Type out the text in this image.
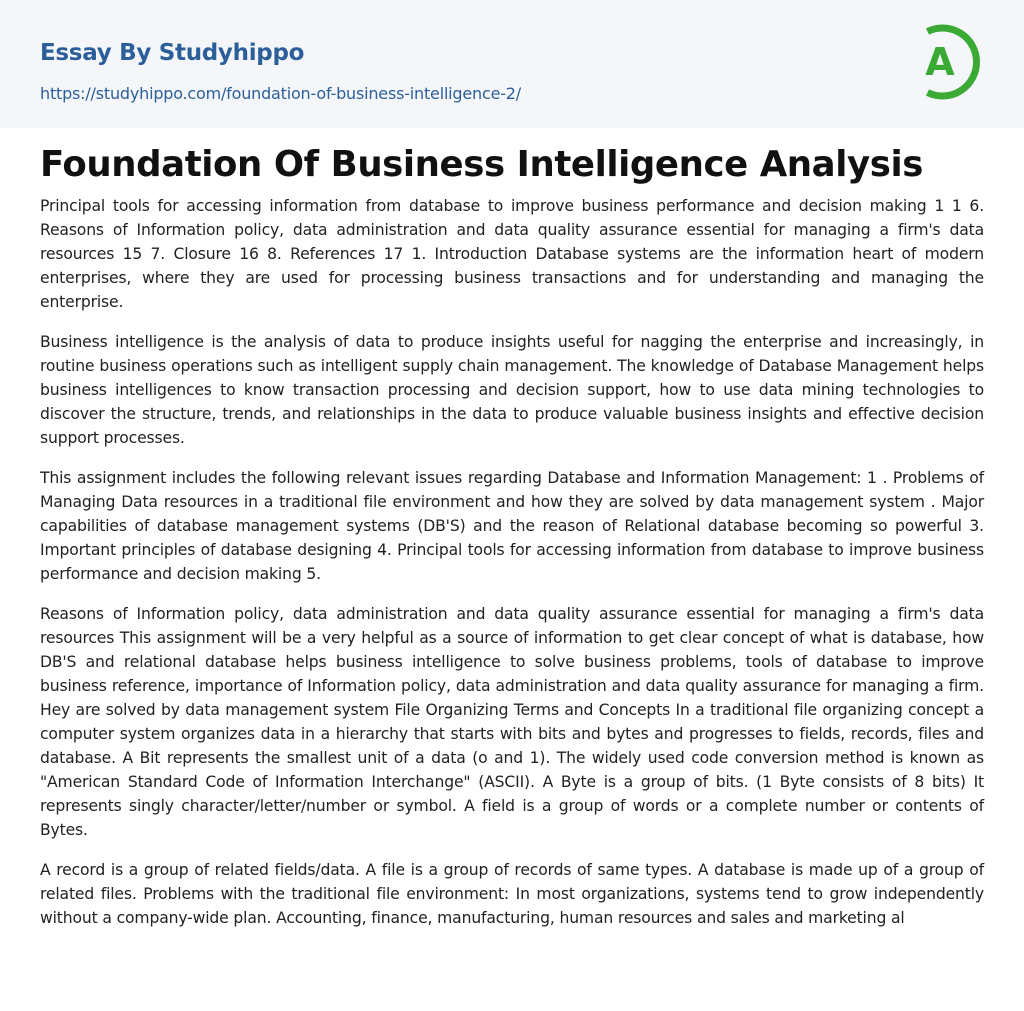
Essay By Studyhippo
https://studyhippo.com/foundation-of-business-intelligence-2/
A
Foundation Of Business Intelligence Analysis

Principal tools for accessing information from database to improve business performance and decision making 1 1 6. Reasons of Information policy, data administration and data quality assurance essential for managing a firm's data resources 15 7. Closure 16 8. References 17 1. Introduction Database systems are the information heart of modern enterprises, where they are used for processing business transactions and for understanding and managing the enterprise.

Business intelligence is the analysis of data to produce insights useful for nagging the enterprise and increasingly, in routine business operations such as intelligent supply chain management. The knowledge of Database Management helps business intelligences to know transaction processing and decision support, how to use data mining technologies to discover the structure, trends, and relationships in the data to produce valuable business insights and effective decision support processes.

This assignment includes the following relevant issues regarding Database and Information Management: 1 . Problems of Managing Data resources in a traditional file environment and how they are solved by data management system . Major capabilities of database management systems (DB'S) and the reason of Relational database becoming so powerful 3. Important principles of database designing 4. Principal tools for accessing information from database to improve business performance and decision making 5.

Reasons of Information policy, data administration and data quality assurance essential for managing a firm's data resources This assignment will be a very helpful as a source of information to get clear concept of what is database, how DB'S and relational database helps business intelligence to solve business problems, tools of database to improve business reference, importance of Information policy, data administration and data quality assurance for managing a firm. Hey are solved by data management system File Organizing Terms and Concepts In a traditional file organizing concept a computer system organizes data in a hierarchy that starts with bits and bytes and progresses to fields, records, files and database. A Bit represents the smallest unit of a data (o and 1). The widely used code conversion method is known as "American Standard Code of Information Interchange" (ASCII). A Byte is a group of bits. (1 Byte consists of 8 bits) It represents singly character/letter/number or symbol. A field is a group of words or a complete number or contents of Bytes.

A record is a group of related fields/data. A file is a group of records of same types. A database is made up of a group of related files. Problems with the traditional file environment: In most organizations, systems tend to grow independently without a company-wide plan. Accounting, finance, manufacturing, human resources and sales and marketing al
